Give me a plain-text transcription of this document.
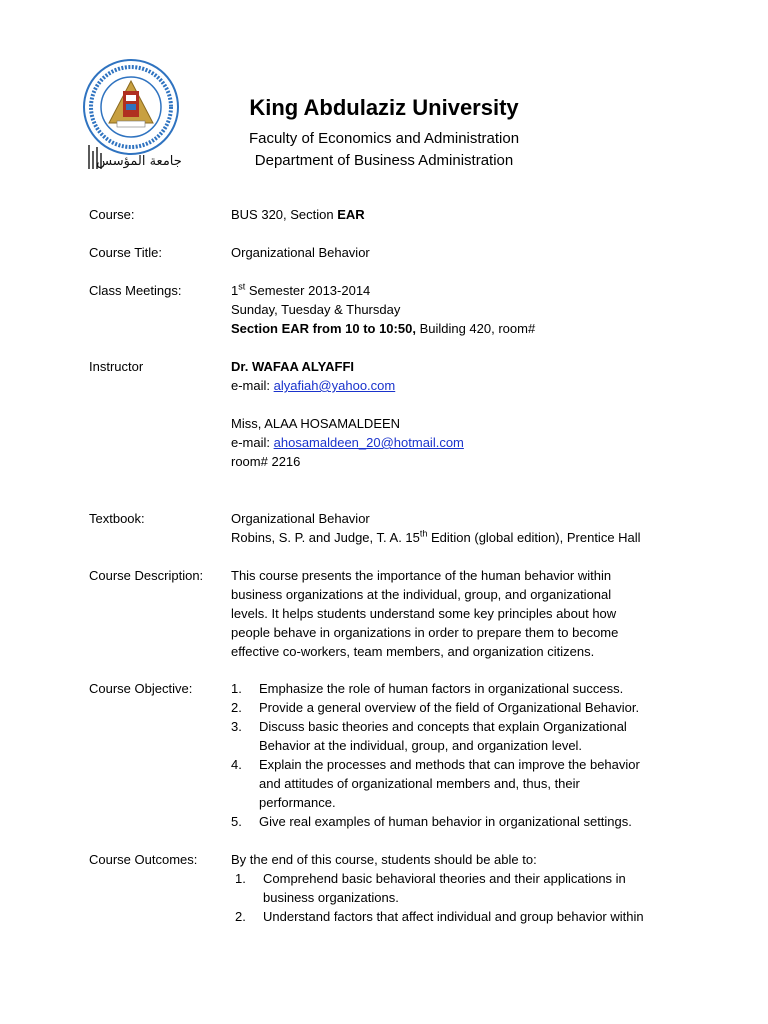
جامعة المؤسس
King Abdulaziz University
Faculty of Economics and Administration
Department of Business Administration
Course:	BUS 320, Section EAR
Course Title:	Organizational Behavior
Class Meetings:	1st Semester 2013-2014
Sunday, Tuesday & Thursday
Section EAR from 10 to 10:50, Building 420, room#
Instructor	Dr. WAFAA ALYAFFI
e-mail: alyafiah@yahoo.com

Miss, ALAA HOSAMALDEEN
e-mail: ahosamaldeen_20@hotmail.com
room# 2216
Textbook:	Organizational Behavior
Robins, S. P. and Judge, T. A. 15th Edition (global edition), Prentice Hall
Course Description:	This course presents the importance of the human behavior within
business organizations at the individual, group, and organizational
levels. It helps students understand some key principles about how
people behave in organizations in order to prepare them to become
effective co-workers, team members, and organization citizens.
Course Objective:	1. Emphasize the role of human factors in organizational success.
2. Provide a general overview of the field of Organizational Behavior.
3. Discuss basic theories and concepts that explain Organizational
Behavior at the individual, group, and organization level.
4. Explain the processes and methods that can improve the behavior
and attitudes of organizational members and, thus, their
performance.
5. Give real examples of human behavior in organizational settings.
Course Outcomes:	By the end of this course, students should be able to:
1. Comprehend basic behavioral theories and their applications in
business organizations.
2. Understand factors that affect individual and group behavior within
